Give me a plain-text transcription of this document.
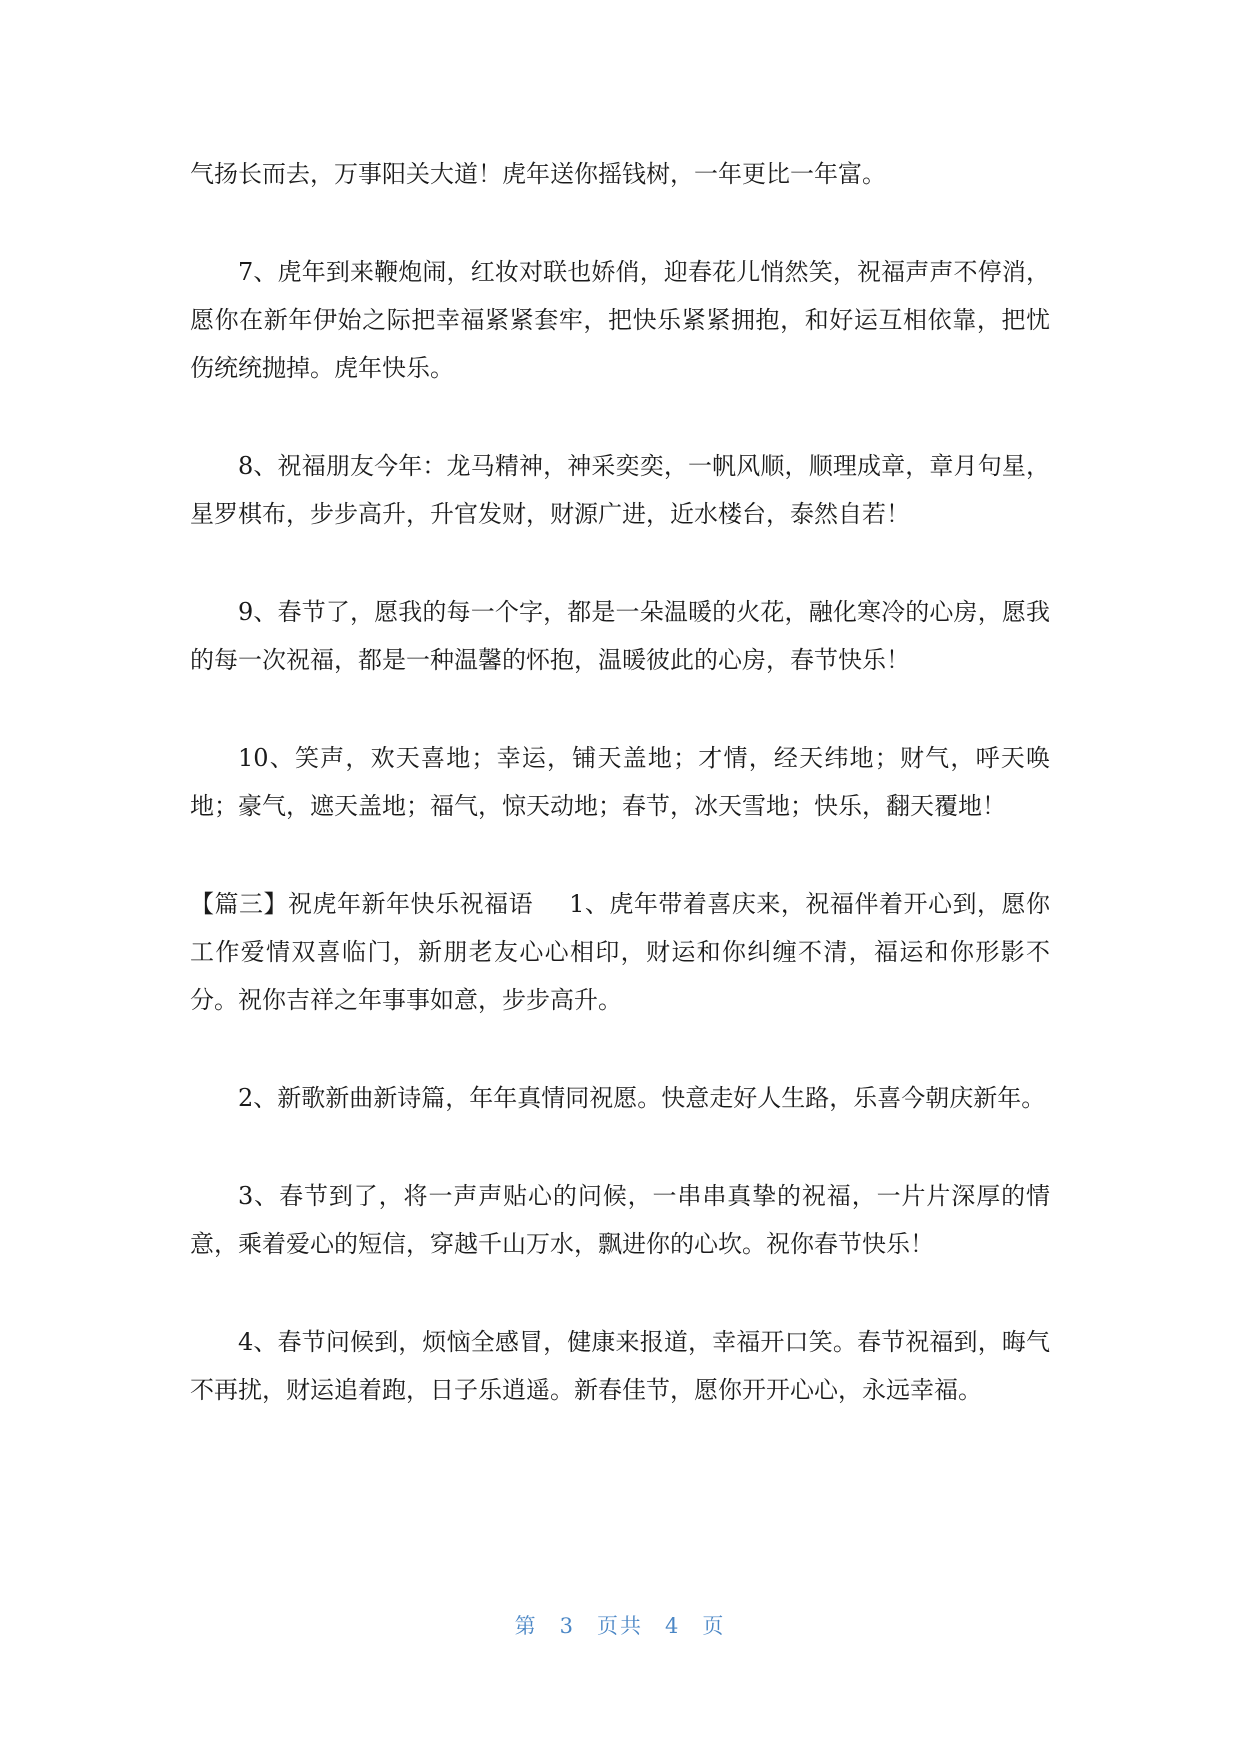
气扬长而去，万事阳关大道！虎年送你摇钱树，一年更比一年富。

7、虎年到来鞭炮闹，红妆对联也娇俏，迎春花儿悄然笑，祝福声声不停消，愿你在新年伊始之际把幸福紧紧套牢，把快乐紧紧拥抱，和好运互相依靠，把忧伤统统抛掉。虎年快乐。

8、祝福朋友今年：龙马精神，神采奕奕，一帆风顺，顺理成章，章月句星，星罗棋布，步步高升，升官发财，财源广进，近水楼台，泰然自若！

9、春节了，愿我的每一个字，都是一朵温暖的火花，融化寒冷的心房，愿我的每一次祝福，都是一种温馨的怀抱，温暖彼此的心房，春节快乐！

10、笑声，欢天喜地；幸运，铺天盖地；才情，经天纬地；财气，呼天唤地；豪气，遮天盖地；福气，惊天动地；春节，冰天雪地；快乐，翻天覆地！

【篇三】祝虎年新年快乐祝福语 1、虎年带着喜庆来，祝福伴着开心到，愿你工作爱情双喜临门，新朋老友心心相印，财运和你纠缠不清，福运和你形影不分。祝你吉祥之年事事如意，步步高升。

2、新歌新曲新诗篇，年年真情同祝愿。快意走好人生路，乐喜今朝庆新年。

3、春节到了，将一声声贴心的问候，一串串真挚的祝福，一片片深厚的情意，乘着爱心的短信，穿越千山万水，飘进你的心坎。祝你春节快乐！

4、春节问候到，烦恼全感冒，健康来报道，幸福开口笑。春节祝福到，晦气不再扰，财运追着跑，日子乐逍遥。新春佳节，愿你开开心心，永远幸福。

第 3 页共 4 页
